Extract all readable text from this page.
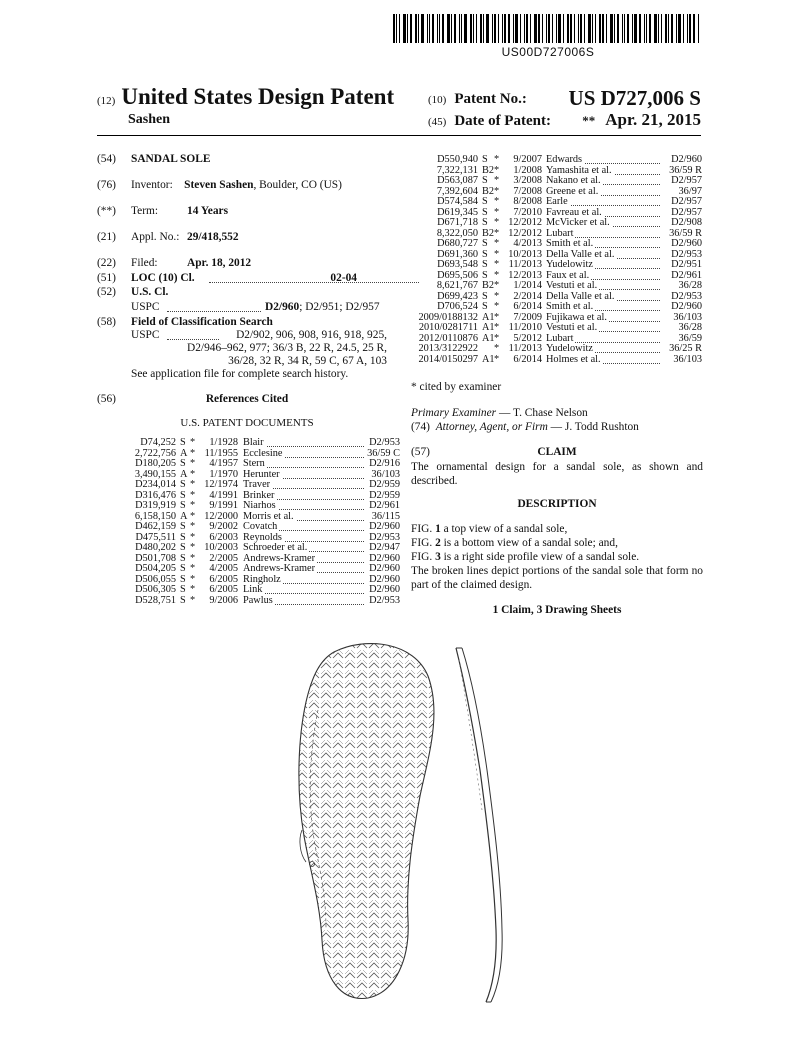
US00D727006S
(12) United States Design Patent
Sashen
(10) Patent No.: US D727,006 S
(45) Date of Patent: ** Apr. 21, 2015
(54) SANDAL SOLE
(76) Inventor: Steven Sashen, Boulder, CO (US)
(**) Term:	14 Years
(21) Appl. No.: 29/418,552
(22) Filed:	Apr. 18, 2012
(51) LOC (10) Cl.	02-04
(52) U.S. Cl.
USPC	D2/960; D2/951; D2/957
(58) Field of Classification Search
USPC	D2/902, 906, 908, 916, 918, 925,
D2/946–962, 977; 36/3 B, 22 R, 24.5, 25 R,
36/28, 32 R, 34 R, 59 C, 67 A, 103
See application file for complete search history.
(56)	References Cited
U.S. PATENT DOCUMENTS
D74,252 S * 1/1928 Blair	D2/953
2,722,756 A * 11/1955 Ecclesine	36/59 C
D180,205 S * 4/1957 Stern	D2/916
3,490,155 A * 1/1970 Herunter	36/103
D234,014 S * 12/1974 Traver	D2/959
D316,476 S * 4/1991 Brinker	D2/959
D319,919 S * 9/1991 Niarhos	D2/961
6,158,150 A * 12/2000 Morris et al.	36/115
D462,159 S * 9/2002 Covatch	D2/960
D475,511 S * 6/2003 Reynolds	D2/953
D480,202 S * 10/2003 Schroeder et al.	D2/947
D501,708 S * 2/2005 Andrews-Kramer	D2/960
D504,205 S * 4/2005 Andrews-Kramer	D2/960
D506,055 S * 6/2005 Ringholz	D2/960
D506,305 S * 6/2005 Link	D2/960
D528,751 S * 9/2006 Pawlus	D2/953
D550,940 S * 9/2007 Edwards	D2/960
7,322,131 B2 * 1/2008 Yamashita et al.	36/59 R
D563,087 S * 3/2008 Nakano et al.	D2/957
7,392,604 B2 * 7/2008 Greene et al.	36/97
D574,584 S * 8/2008 Earle	D2/957
D619,345 S * 7/2010 Favreau et al.	D2/957
D671,718 S * 12/2012 McVicker et al.	D2/908
8,322,050 B2 * 12/2012 Lubart	36/59 R
D680,727 S * 4/2013 Smith et al.	D2/960
D691,360 S * 10/2013 Della Valle et al.	D2/953
D693,548 S * 11/2013 Yudelowitz	D2/951
D695,506 S * 12/2013 Faux et al.	D2/961
8,621,767 B2 * 1/2014 Vestuti et al.	36/28
D699,423 S * 2/2014 Della Valle et al.	D2/953
D706,524 S * 6/2014 Smith et al.	D2/960
2009/0188132 A1 * 7/2009 Fujikawa et al.	36/103
2010/0281711 A1 * 11/2010 Vestuti et al.	36/28
2012/0110876 A1 * 5/2012 Lubart	36/59
2013/3122922 * 11/2013 Yudelowitz	36/25 R
2014/0150297 A1 * 6/2014 Holmes et al.	36/103
* cited by examiner
Primary Examiner — T. Chase Nelson
(74) Attorney, Agent, or Firm — J. Todd Rushton
(57)	CLAIM
The ornamental design for a sandal sole, as shown and described.
DESCRIPTION
FIG. 1 a top view of a sandal sole,
FIG. 2 is a bottom view of a sandal sole; and,
FIG. 3 is a right side profile view of a sandal sole.
The broken lines depict portions of the sandal sole that form no part of the claimed design.
1 Claim, 3 Drawing Sheets
